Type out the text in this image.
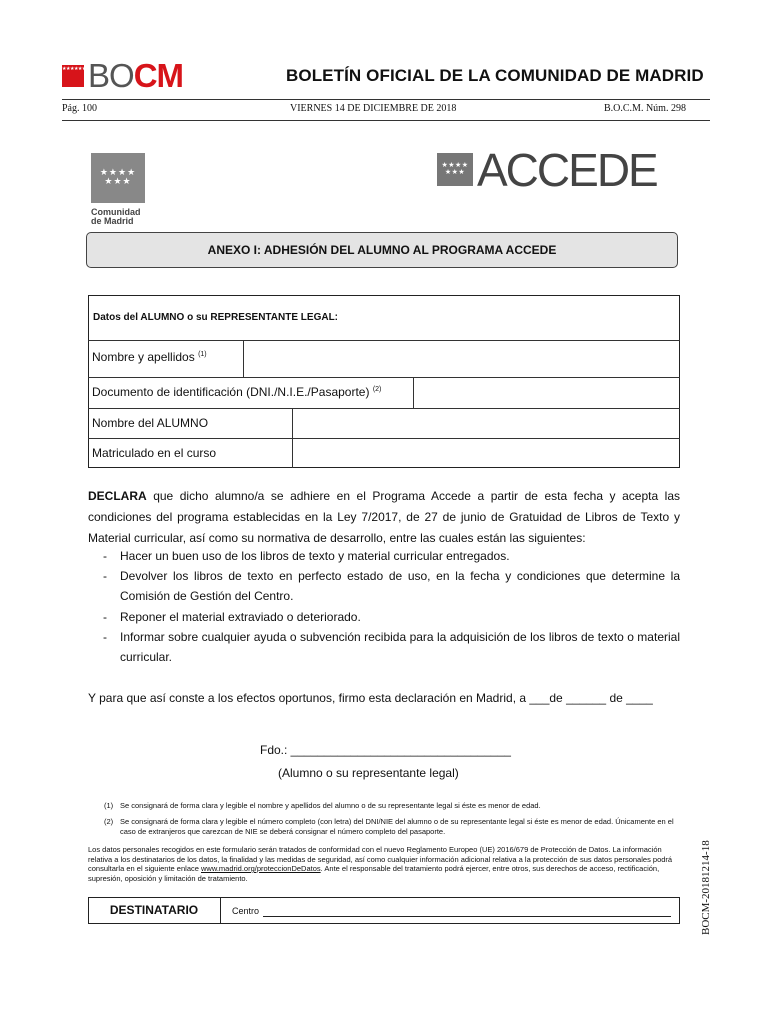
★★★★★★★
BOCM	BOLETÍN OFICIAL DE LA COMUNIDAD DE MADRID
Pág. 100	VIERNES 14 DE DICIEMBRE DE 2018	B.O.C.M. Núm. 298
★★★★
★★★
Comunidad
de Madrid
★★★★
★★★ ACCEDE
ANEXO I: ADHESIÓN DEL ALUMNO AL PROGRAMA ACCEDE
Datos del ALUMNO o su REPRESENTANTE LEGAL:
Nombre y apellidos $^{(1)}$
Documento de identificación (DNI./N.I.E./Pasaporte) $^{(2)}$
Nombre del ALUMNO
Matriculado en el curso
DECLARA que dicho alumno/a se adhiere en el Programa Accede a partir de esta fecha y acepta las condiciones del programa establecidas en la Ley 7/2017, de 27 de junio de Gratuidad de Libros de Texto y Material curricular, así como su normativa de desarrollo, entre las cuales están las siguientes:
- Hacer un buen uso de los libros de texto y material curricular entregados.
- Devolver los libros de texto en perfecto estado de uso, en la fecha y condiciones que determine la Comisión de Gestión del Centro.
- Reponer el material extraviado o deteriorado.
- Informar sobre cualquier ayuda o subvención recibida para la adquisición de los libros de texto o material curricular.
Y para que así conste a los efectos oportunos, firmo esta declaración en Madrid, a ___de ______ de ____
Fdo.: _________________________________
(Alumno o su representante legal)
(1) Se consignará de forma clara y legible el nombre y apellidos del alumno o de su representante legal si éste es menor de edad.
(2) Se consignará de forma clara y legible el número completo (con letra) del DNI/NIE del alumno o de su representante legal si éste es menor de edad. Únicamente en el caso de extranjeros que carezcan de NIE se deberá consignar el número completo del pasaporte.
Los datos personales recogidos en este formulario serán tratados de conformidad con el nuevo Reglamento Europeo (UE) 2016/679 de Protección de Datos. La información relativa a los destinatarios de los datos, la finalidad y las medidas de seguridad, así como cualquier información adicional relativa a la protección de sus datos personales podrá consultarla en el siguiente enlace www.madrid.org/proteccionDeDatos. Ante el responsable del tratamiento podrá ejercer, entre otros, sus derechos de acceso, rectificación, supresión, oposición y limitación de tratamiento.
DESTINATARIO	Centro	BOCM-20181214-18
